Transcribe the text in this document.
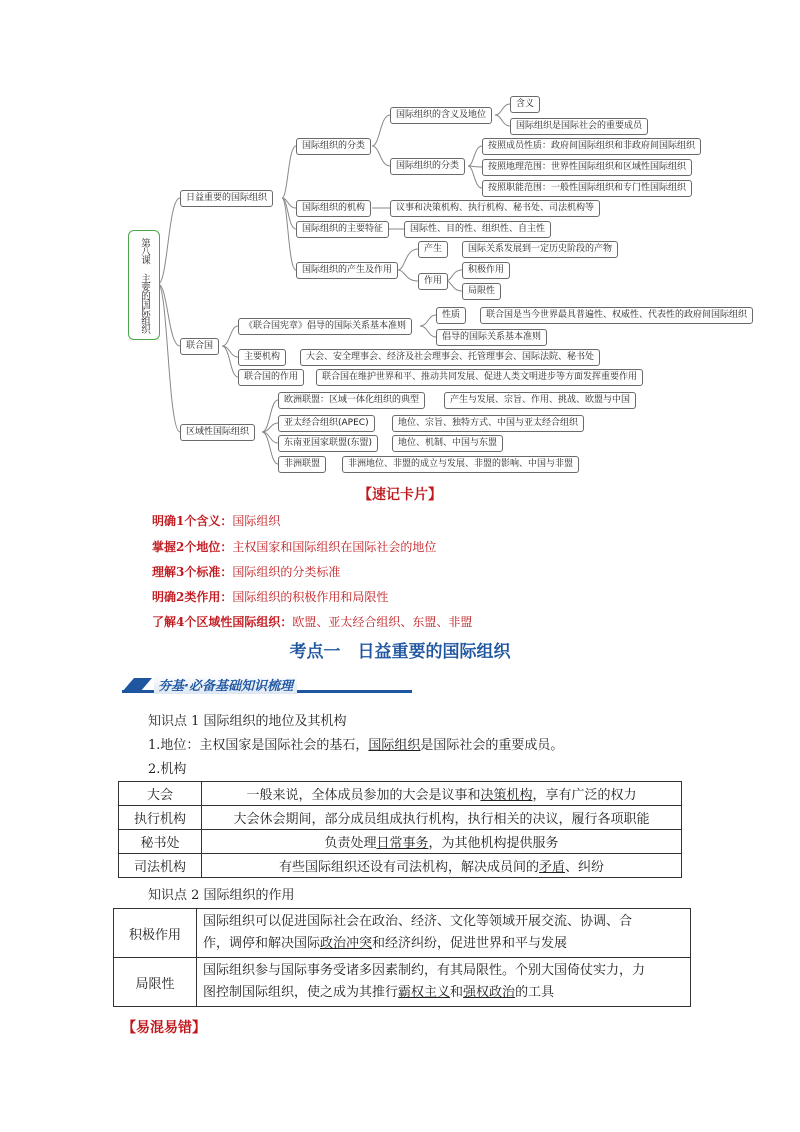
第八课 主要的国际组织
日益重要的国际组织
国际组织的分类
国际组织的含义及地位
含义
国际组织是国际社会的重要成员
国际组织的分类
按照成员性质：政府间国际组织和非政府间国际组织
按照地理范围：世界性国际组织和区域性国际组织
按照职能范围：一般性国际组织和专门性国际组织
国际组织的机构	议事和决策机构、执行机构、秘书处、司法机构等
国际组织的主要特征	国际性、目的性、组织性、自主性
国际组织的产生及作用
产生	国际关系发展到一定历史阶段的产物
作用
积极作用
局限性
联合国
《联合国宪章》倡导的国际关系基本准则
性质	联合国是当今世界最具普遍性、权威性、代表性的政府间国际组织
倡导的国际关系基本准则
主要机构	大会、安全理事会、经济及社会理事会、托管理事会、国际法院、秘书处
联合国的作用	联合国在维护世界和平、推动共同发展、促进人类文明进步等方面发挥重要作用
区域性国际组织
欧洲联盟：区域一体化组织的典型	产生与发展、宗旨、作用、挑战、欧盟与中国
亚太经合组织(APEC)	地位、宗旨、独特方式、中国与亚太经合组织
东南亚国家联盟(东盟)	地位、机制、中国与东盟
非洲联盟	非洲地位、非盟的成立与发展、非盟的影响、中国与非盟
【速记卡片】
明确1个含义：国际组织
掌握2个地位：主权国家和国际组织在国际社会的地位
理解3个标准：国际组织的分类标准
明确2类作用：国际组织的积极作用和局限性
了解4个区域性国际组织：欧盟、亚太经合组织、东盟、非盟
考点一　日益重要的国际组织
夯基·必备基础知识梳理
知识点 1 国际组织的地位及其机构
1.地位：主权国家是国际社会的基石，国际组织是国际社会的重要成员。
2.机构
大会	一般来说，全体成员参加的大会是议事和决策机构，享有广泛的权力
执行机构	大会休会期间，部分成员组成执行机构，执行相关的决议，履行各项职能
秘书处	负责处理日常事务，为其他机构提供服务
司法机构	有些国际组织还设有司法机构，解决成员间的矛盾、纠纷
知识点 2 国际组织的作用
积极作用	国际组织可以促进国际社会在政治、经济、文化等领域开展交流、协调、合
作，调停和解决国际政治冲突和经济纠纷，促进世界和平与发展
局限性	国际组织参与国际事务受诸多因素制约，有其局限性。个别大国倚仗实力，力
图控制国际组织，使之成为其推行霸权主义和强权政治的工具
【易混易错】
